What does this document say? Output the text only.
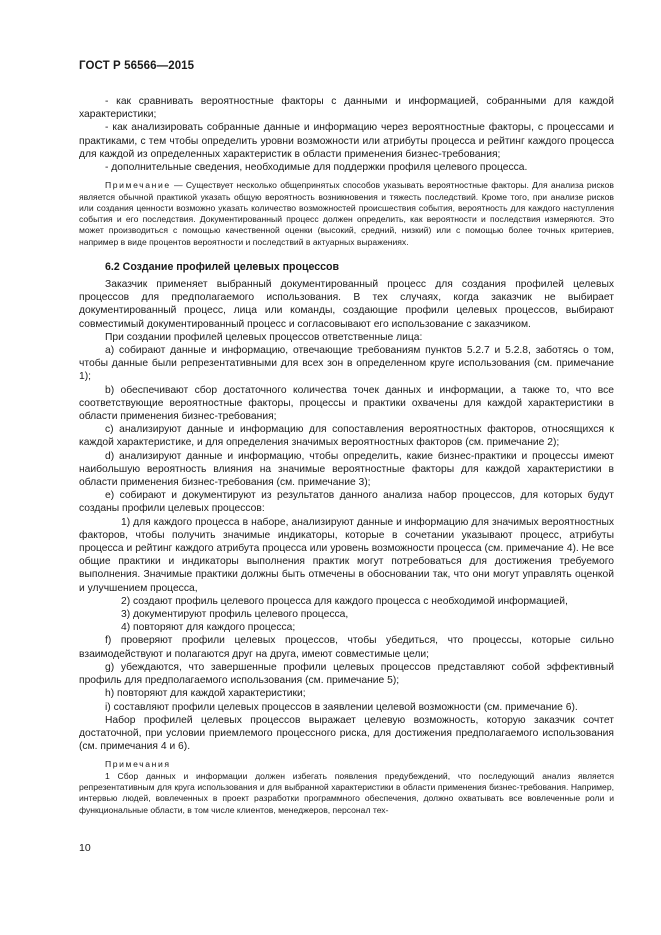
ГОСТ Р 56566—2015

- как сравнивать вероятностные факторы с данными и информацией, собранными для каждой характеристики;

- как анализировать собранные данные и информацию через вероятностные факторы, с процессами и практиками, с тем чтобы определить уровни возможности или атрибуты процесса и рейтинг каждого процесса для каждой из определенных характеристик в области применения бизнес-требования;

- дополнительные сведения, необходимые для поддержки профиля целевого процесса.

Примечание — Существует несколько общепринятых способов указывать вероятностные факторы. Для анализа рисков является обычной практикой указать общую вероятность возникновения и тяжесть последствий. Кроме того, при анализе рисков или создания ценности возможно указать количество возможностей происшествия события, вероятность для каждого наступления события и его последствия. Документированный процесс должен определить, как вероятности и последствия измеряются. Это может производиться с помощью качественной оценки (высокий, средний, низкий) или с помощью более точных критериев, например в виде процентов вероятности и последствий в актуарных выражениях.

6.2 Создание профилей целевых процессов

Заказчик применяет выбранный документированный процесс для создания профилей целевых процессов для предполагаемого использования. В тех случаях, когда заказчик не выбирает документированный процесс, лица или команды, создающие профили целевых процессов, выбирают совместимый документированный процесс и согласовывают его использование с заказчиком.

При создании профилей целевых процессов ответственные лица:

a) собирают данные и информацию, отвечающие требованиям пунктов 5.2.7 и 5.2.8, заботясь о том, чтобы данные были репрезентативными для всех зон в определенном круге использования (см. примечание 1);

b) обеспечивают сбор достаточного количества точек данных и информации, а также то, что все соответствующие вероятностные факторы, процессы и практики охвачены для каждой характеристики в области применения бизнес-требования;

c) анализируют данные и информацию для сопоставления вероятностных факторов, относящихся к каждой характеристике, и для определения значимых вероятностных факторов (см. примечание 2);

d) анализируют данные и информацию, чтобы определить, какие бизнес-практики и процессы имеют наибольшую вероятность влияния на значимые вероятностные факторы для каждой характеристики в области применения бизнес-требования (см. примечание 3);

e) собирают и документируют из результатов данного анализа набор процессов, для которых будут созданы профили целевых процессов:

1) для каждого процесса в наборе, анализируют данные и информацию для значимых вероятностных факторов, чтобы получить значимые индикаторы, которые в сочетании указывают процесс, атрибуты процесса и рейтинг каждого атрибута процесса или уровень возможности процесса (см. примечание 4). Не все общие практики и индикаторы выполнения практик могут потребоваться для достижения требуемого выполнения. Значимые практики должны быть отмечены в обосновании так, что они могут управлять оценкой и улучшением процесса,

2) создают профиль целевого процесса для каждого процесса с необходимой информацией,

3) документируют профиль целевого процесса,

4) повторяют для каждого процесса;

f) проверяют профили целевых процессов, чтобы убедиться, что процессы, которые сильно взаимодействуют и полагаются друг на друга, имеют совместимые цели;

g) убеждаются, что завершенные профили целевых процессов представляют собой эффективный профиль для предполагаемого использования (см. примечание 5);

h) повторяют для каждой характеристики;

i) составляют профили целевых процессов в заявлении целевой возможности (см. примечание 6).

Набор профилей целевых процессов выражает целевую возможность, которую заказчик сочтет достаточной, при условии приемлемого процессного риска, для достижения предполагаемого использования (см. примечания 4 и 6).

Примечания

1 Сбор данных и информации должен избегать появления предубеждений, что последующий анализ является репрезентативным для круга использования и для выбранной характеристики в области применения бизнес-требования. Например, интервью людей, вовлеченных в проект разработки программного обеспечения, должно охватывать все вовлеченные роли и функциональные области, в том числе клиентов, менеджеров, персонал тех-

10
